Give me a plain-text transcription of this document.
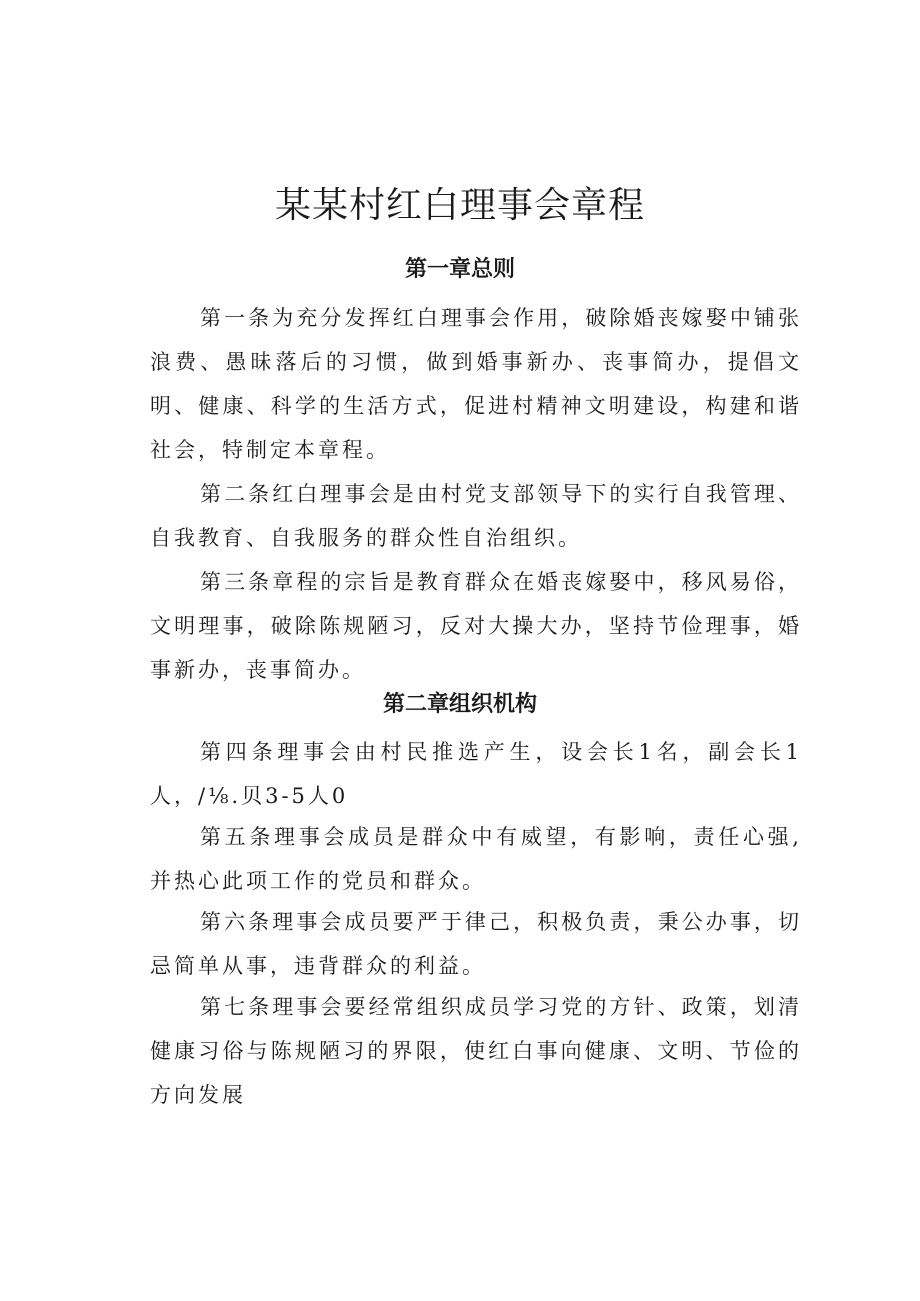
某某村红白理事会章程
第一章总则

第一条为充分发挥红白理事会作用，破除婚丧嫁娶中铺张浪费、愚昧落后的习惯，做到婚事新办、丧事简办，提倡文明、健康、科学的生活方式，促进村精神文明建设，构建和谐社会，特制定本章程。

第二条红白理事会是由村党支部领导下的实行自我管理、自我教育、自我服务的群众性自治组织。

第三条章程的宗旨是教育群众在婚丧嫁娶中，移风易俗，文明理事，破除陈规陋习，反对大操大办，坚持节俭理事，婚事新办，丧事简办。

第二章组织机构

第四条理事会由村民推选产生，设会长1名，副会长1人，/⅛.贝3-5人0

第五条理事会成员是群众中有威望，有影响，责任心强,并热心此项工作的党员和群众。

第六条理事会成员要严于律己，积极负责，秉公办事，切忌简单从事，违背群众的利益。

第七条理事会要经常组织成员学习党的方针、政策，划清健康习俗与陈规陋习的界限，使红白事向健康、文明、节俭的方向发展
